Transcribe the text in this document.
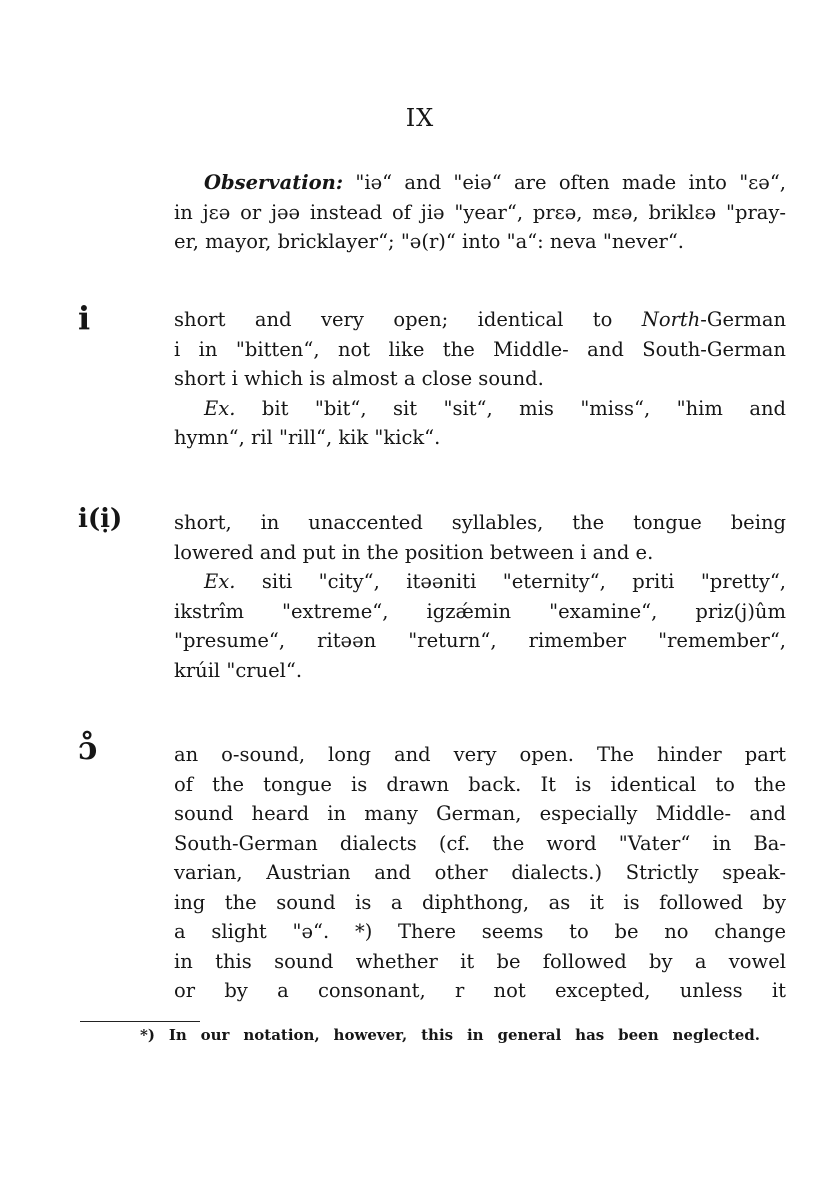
IX
Observation: "iə“ and "eiə“ are often made into "ɛə“,
in jɛə or jəə instead of jiə "year“, prɛə, mɛə, briklɛə "pray-
er, mayor, bricklayer“; "ə(r)“ into "a“: neva "never“.
i	short and very open; identical to North-German
i in "bitten“, not like the Middle- and South-German
short i which is almost a close sound.
Ex. bit "bit“, sit "sit“, mis "miss“, "him and
hymn“, ril "rill“, kik "kick“.
i(ị)	short, in unaccented syllables, the tongue being
lowered and put in the position between i and e.
Ex. siti "city“, itəəniti "eternity“, priti "pretty“,
ikstrîm "extreme“, igzǽmin "examine“, priz(j)ûm
"presume“, ritəən "return“, rimember "remember“,
krúil "cruel“.
ɔ̊	an o-sound, long and very open. The hinder part
of the tongue is drawn back. It is identical to the
sound heard in many German, especially Middle- and
South-German dialects (cf. the word "Vater“ in Ba-
varian, Austrian and other dialects.) Strictly speak-
ing the sound is a diphthong, as it is followed by
a slight "ə“. *) There seems to be no change
in this sound whether it be followed by a vowel
or by a consonant, r not excepted, unless it
*) In our notation, however, this in general has been neglected.
